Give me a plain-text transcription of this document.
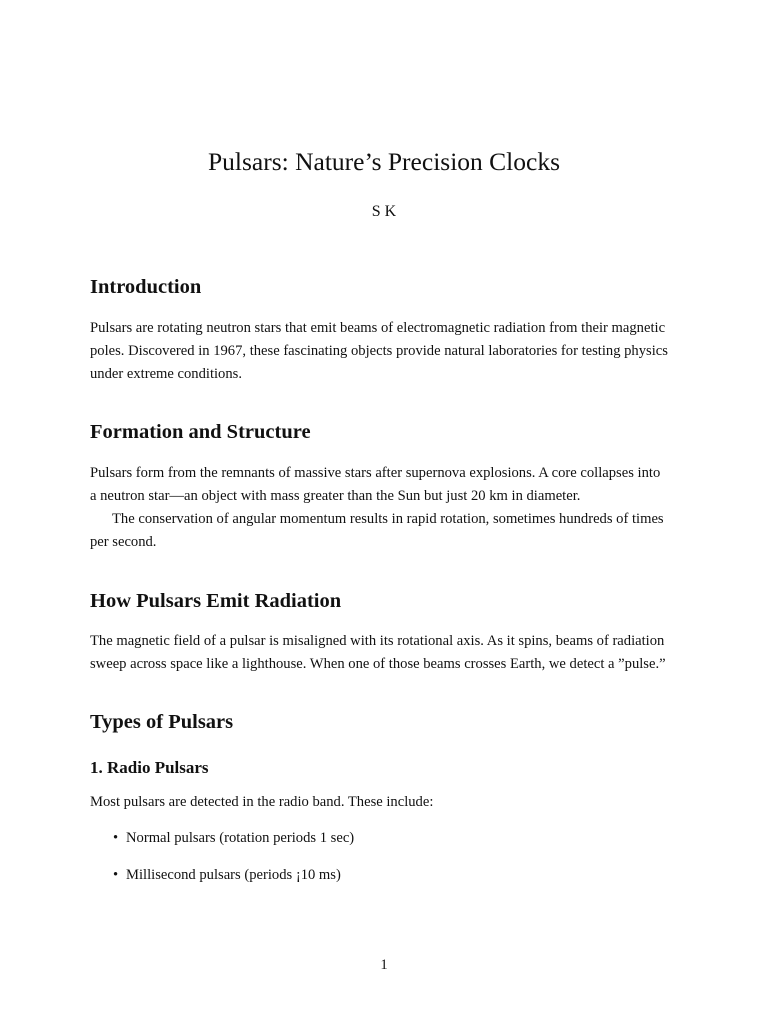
Pulsars: Nature’s Precision Clocks
S K
Introduction

Pulsars are rotating neutron stars that emit beams of electromagnetic radiation from their magnetic
poles. Discovered in 1967, these fascinating objects provide natural laboratories for testing physics
under extreme conditions.

Formation and Structure

Pulsars form from the remnants of massive stars after supernova explosions. A core collapses into
a neutron star—an object with mass greater than the Sun but just 20 km in diameter.

The conservation of angular momentum results in rapid rotation, sometimes hundreds of times
per second.

How Pulsars Emit Radiation

The magnetic field of a pulsar is misaligned with its rotational axis. As it spins, beams of radiation
sweep across space like a lighthouse. When one of those beams crosses Earth, we detect a ”pulse.”

Types of Pulsars
1. Radio Pulsars

Most pulsars are detected in the radio band. These include:

• Normal pulsars (rotation periods 1 sec)
• Millisecond pulsars (periods ¡10 ms)
1
